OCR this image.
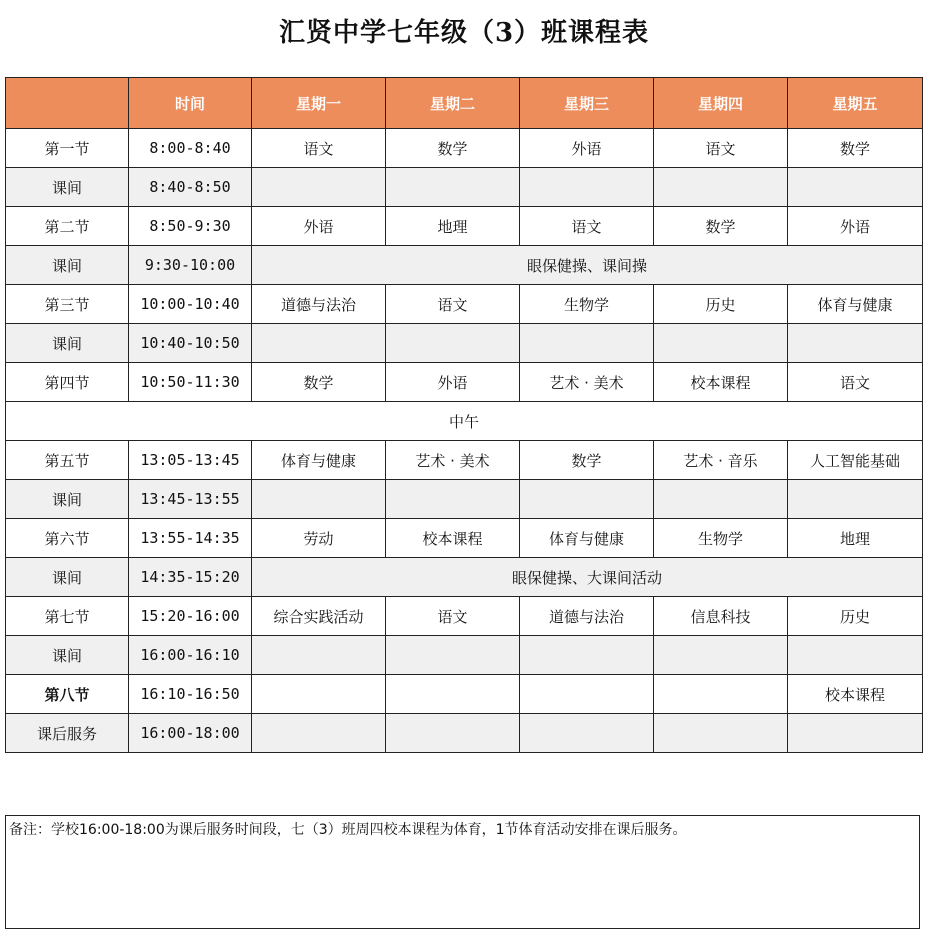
汇贤中学七年级（3）班课程表
	时间	星期一	星期二	星期三	星期四	星期五
第一节	8:00-8:40	语文	数学	外语	语文	数学
课间	8:40-8:50					
第二节	8:50-9:30	外语	地理	语文	数学	外语
课间	9:30-10:00	眼保健操、课间操				
第三节	10:00-10:40	道德与法治	语文	生物学	历史	体育与健康
课间	10:40-10:50					
第四节	10:50-11:30	数学	外语	艺术 · 美术	校本课程	语文
中午						
第五节	13:05-13:45	体育与健康	艺术 · 美术	数学	艺术 · 音乐	人工智能基础
课间	13:45-13:55					
第六节	13:55-14:35	劳动	校本课程	体育与健康	生物学	地理
课间	14:35-15:20	眼保健操、大课间活动				
第七节	15:20-16:00	综合实践活动	语文	道德与法治	信息科技	历史
课间	16:00-16:10					
第八节	16:10-16:50					校本课程
课后服务	16:00-18:00					
备注：学校16:00-18:00为课后服务时间段，七（3）班周四校本课程为体育，1节体育活动安排在课后服务。
